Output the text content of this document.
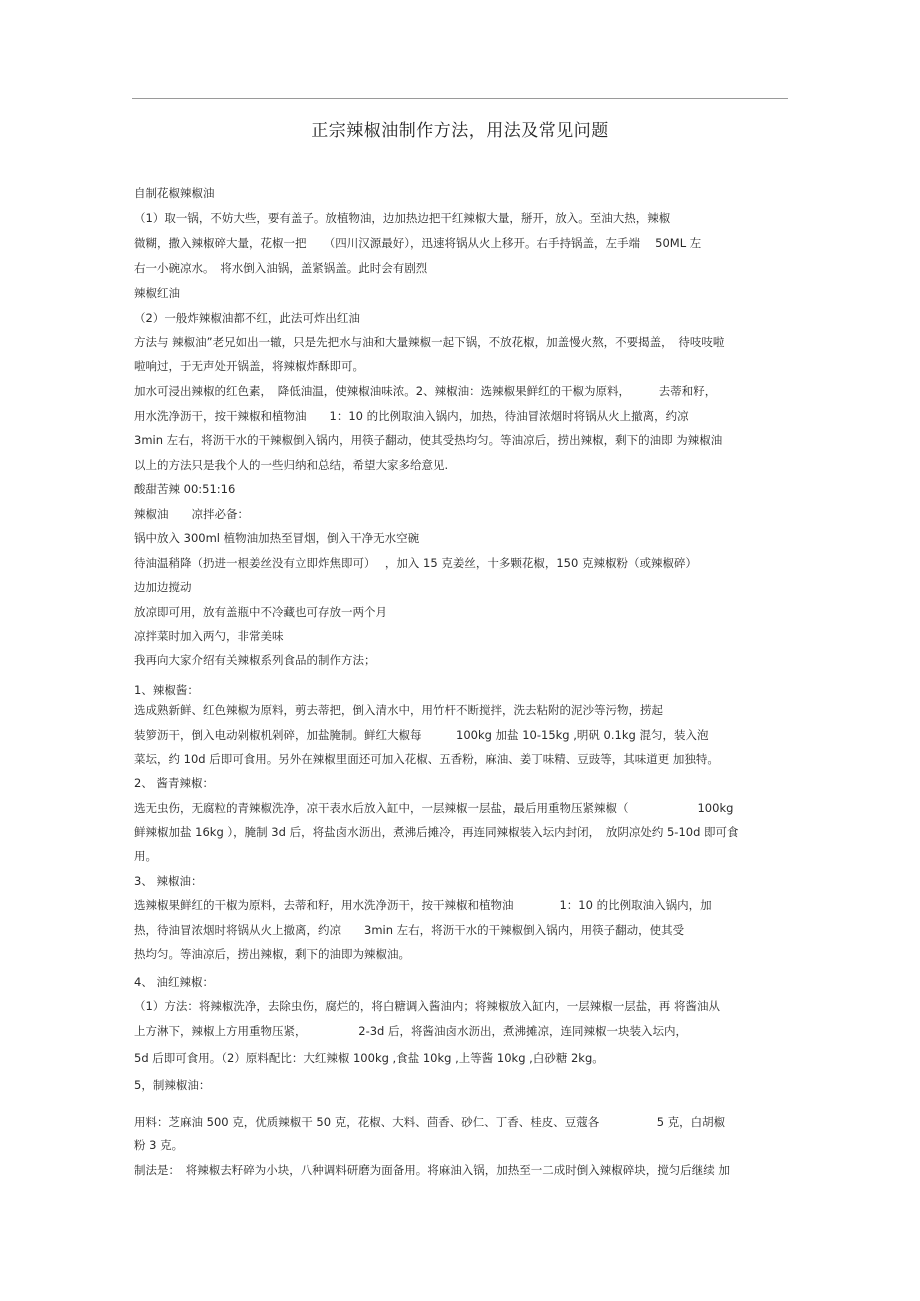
正宗辣椒油制作方法，用法及常见问题
自制花椒辣椒油
（1）取一锅，不妨大些，要有盖子。放植物油，边加热边把干红辣椒大量，掰开，放入。至油大热，辣椒
微糊，撒入辣椒碎大量，花椒一把　　（四川汉源最好），迅速将锅从火上移开。右手持锅盖，左手端　 50ML 左
右一小碗凉水。　将水倒入油锅，盖紧锅盖。此时会有剧烈
辣椒红油
（2）一般炸辣椒油都不红，此法可炸出红油
方法与 辣椒油”老兄如出一辙，只是先把水与油和大量辣椒一起下锅，不放花椒，加盖慢火熬，不要揭盖，　待吱吱啦
啦响过，于无声处开锅盖，将辣椒炸酥即可。
加水可浸出辣椒的红色素，　降低油温，使辣椒油味浓。2、辣椒油：选辣椒果鲜红的干椒为原料，　　　去蒂和籽，
用水洗净沥干，按干辣椒和植物油　　1：10 的比例取油入锅内，加热，待油冒浓烟时将锅从火上撤离，约凉
3min 左右，将沥干水的干辣椒倒入锅内，用筷子翻动，使其受热均匀。等油凉后，捞出辣椒，剩下的油即 为辣椒油
以上的方法只是我个人的一些归纳和总结，希望大家多给意见.
酸甜苦辣 00:51:16
辣椒油　　凉拌必备：
锅中放入 300ml 植物油加热至冒烟，倒入干净无水空碗
待油温稍降（扔进一根姜丝没有立即炸焦即可）　 ，加入 15 克姜丝，十多颗花椒，150 克辣椒粉（或辣椒碎）
边加边搅动
放凉即可用，放有盖瓶中不冷藏也可存放一两个月
凉拌菜时加入两勺，非常美味
我再向大家介绍有关辣椒系列食品的制作方法；
1、辣椒酱：
选成熟新鲜、红色辣椒为原料，剪去蒂把，倒入清水中，用竹杆不断搅拌，洗去粘附的泥沙等污物，捞起
装箩沥干，倒入电动剁椒机剁碎，加盐腌制。鲜红大椒每　　　100kg 加盐 10-15kg ,明矾 0.1kg 混匀，装入泡
菜坛，约 10d 后即可食用。另外在辣椒里面还可加入花椒、五香粉，麻油、姜丁味精、豆豉等，其味道更 加独特。
2、 酱青辣椒：
选无虫伤，无腐粒的青辣椒洗净，凉干表水后放入缸中，一层辣椒一层盐，最后用重物压紧辣椒（　　　　　　100kg
鲜辣椒加盐 16kg ），腌制 3d 后，将盐卤水沥出，煮沸后摊冷，再连同辣椒装入坛内封闭，　放阴凉处约 5-10d 即可食
用。
3、 辣椒油：
选辣椒果鲜红的干椒为原料，去蒂和籽，用水洗净沥干，按干辣椒和植物油　　　　1：10 的比例取油入锅内，加
热，待油冒浓烟时将锅从火上撤离，约凉　　3min 左右，将沥干水的干辣椒倒入锅内，用筷子翻动，使其受
热均匀。等油凉后，捞出辣椒，剩下的油即为辣椒油。
4、 油红辣椒：
（1）方法：将辣椒洗净，去除虫伤，腐烂的，将白糖调入酱油内；将辣椒放入缸内，一层辣椒一层盐，再 将酱油从
上方淋下，辣椒上方用重物压紧，　　　　　2-3d 后，将酱油卤水沥出，煮沸摊凉，连同辣椒一块装入坛内，
5d 后即可食用。（2）原料配比：大红辣椒 100kg ,食盐 10kg ,上等酱 10kg ,白砂糖 2kg。
5，制辣椒油：
用料：芝麻油 500 克，优质辣椒干 50 克，花椒、大料、茴香、砂仁、丁香、桂皮、豆蔻各　　　　　5 克，白胡椒
粉 3 克。
制法是：　将辣椒去籽碎为小块，八种调料研磨为面备用。将麻油入锅，加热至一二成时倒入辣椒碎块，搅匀后继续 加
